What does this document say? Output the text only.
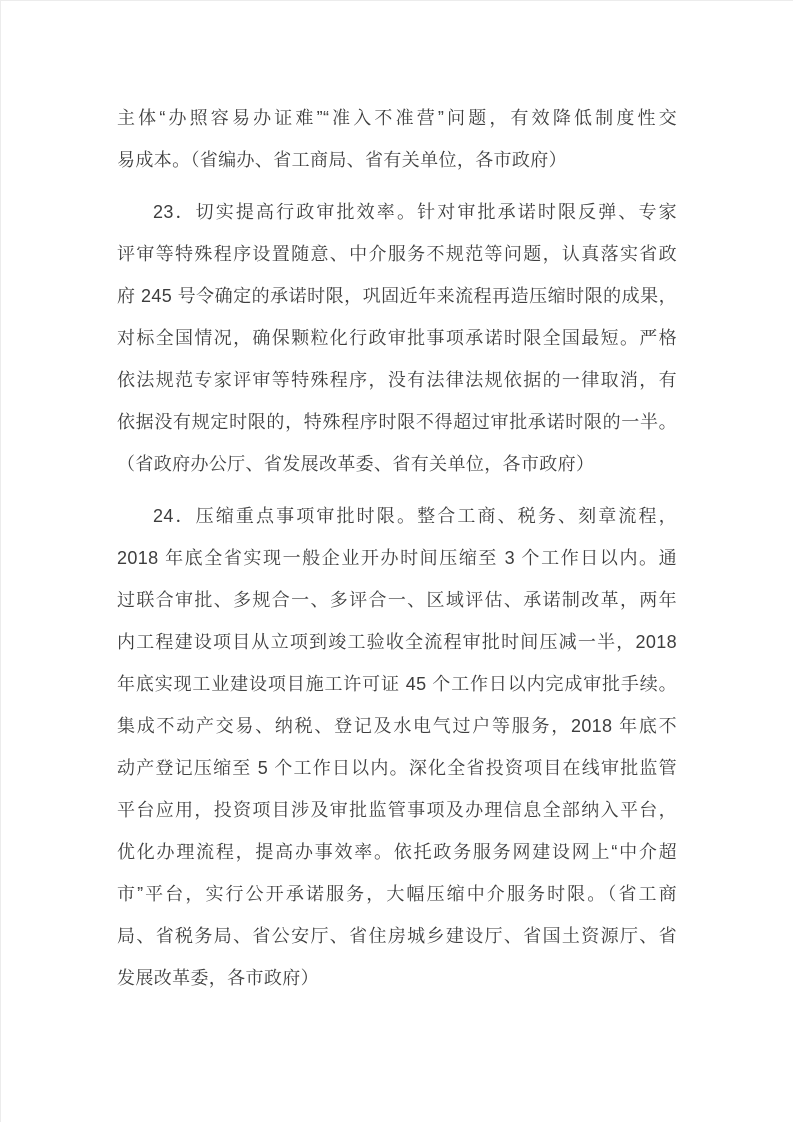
主体“办照容易办证难”“准入不准营”问题，有效降低制度性交
易成本。（省编办、省工商局、省有关单位，各市政府）
23．切实提高行政审批效率。针对审批承诺时限反弹、专家
评审等特殊程序设置随意、中介服务不规范等问题，认真落实省政
府 245 号令确定的承诺时限，巩固近年来流程再造压缩时限的成果，
对标全国情况，确保颗粒化行政审批事项承诺时限全国最短。严格
依法规范专家评审等特殊程序，没有法律法规依据的一律取消，有
依据没有规定时限的，特殊程序时限不得超过审批承诺时限的一半。
（省政府办公厅、省发展改革委、省有关单位，各市政府）
24．压缩重点事项审批时限。整合工商、税务、刻章流程，
2018 年底全省实现一般企业开办时间压缩至 3 个工作日以内。通
过联合审批、多规合一、多评合一、区域评估、承诺制改革，两年
内工程建设项目从立项到竣工验收全流程审批时间压减一半，2018
年底实现工业建设项目施工许可证 45 个工作日以内完成审批手续。
集成不动产交易、纳税、登记及水电气过户等服务，2018 年底不
动产登记压缩至 5 个工作日以内。深化全省投资项目在线审批监管
平台应用，投资项目涉及审批监管事项及办理信息全部纳入平台，
优化办理流程，提高办事效率。依托政务服务网建设网上“中介超
市”平台，实行公开承诺服务，大幅压缩中介服务时限。（省工商
局、省税务局、省公安厅、省住房城乡建设厅、省国土资源厅、省
发展改革委，各市政府）
